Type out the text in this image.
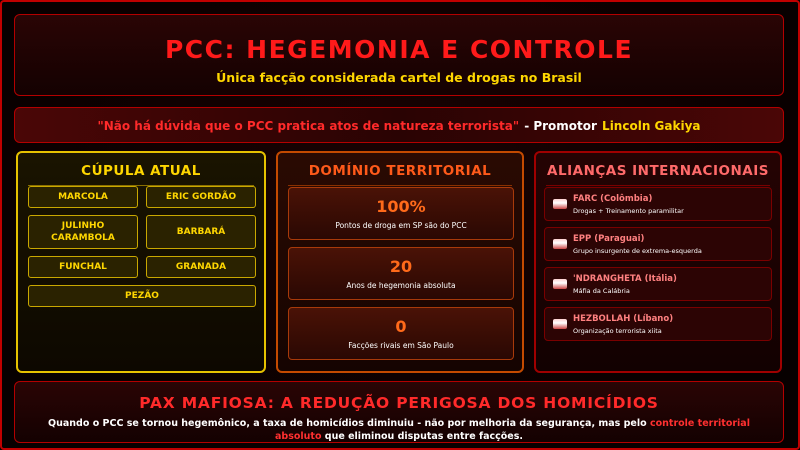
PCC: HEGEMONIA E CONTROLE
Única facção considerada cartel de drogas no Brasil
"Não há dúvida que o PCC pratica atos de natureza terrorista" - Promotor Lincoln Gakiya
CÚPULA ATUAL
MARCOLA	ERIC GORDÃO
JULINHO CARAMBOLA
BARBARÁ
FUNCHAL	GRANADA
PEZÃO
DOMÍNIO TERRITORIAL
100%
Pontos de droga em SP são do PCC
20
Anos de hegemonia absoluta
0
Facções rivais em São Paulo
ALIANÇAS INTERNACIONAIS
FARC (Colômbia)
Drogas + Treinamento paramilitar
EPP (Paraguai)
Grupo insurgente de extrema-esquerda
'NDRANGHETA (Itália)
Máfia da Calábria
HEZBOLLAH (Líbano)
Organização terrorista xiita
PAX MAFIOSA: A REDUÇÃO PERIGOSA DOS HOMICÍDIOS

Quando o PCC se tornou hegemônico, a taxa de homicídios diminuiu - não por melhoria da segurança, mas pelo controle territorial absoluto que eliminou disputas entre facções.
